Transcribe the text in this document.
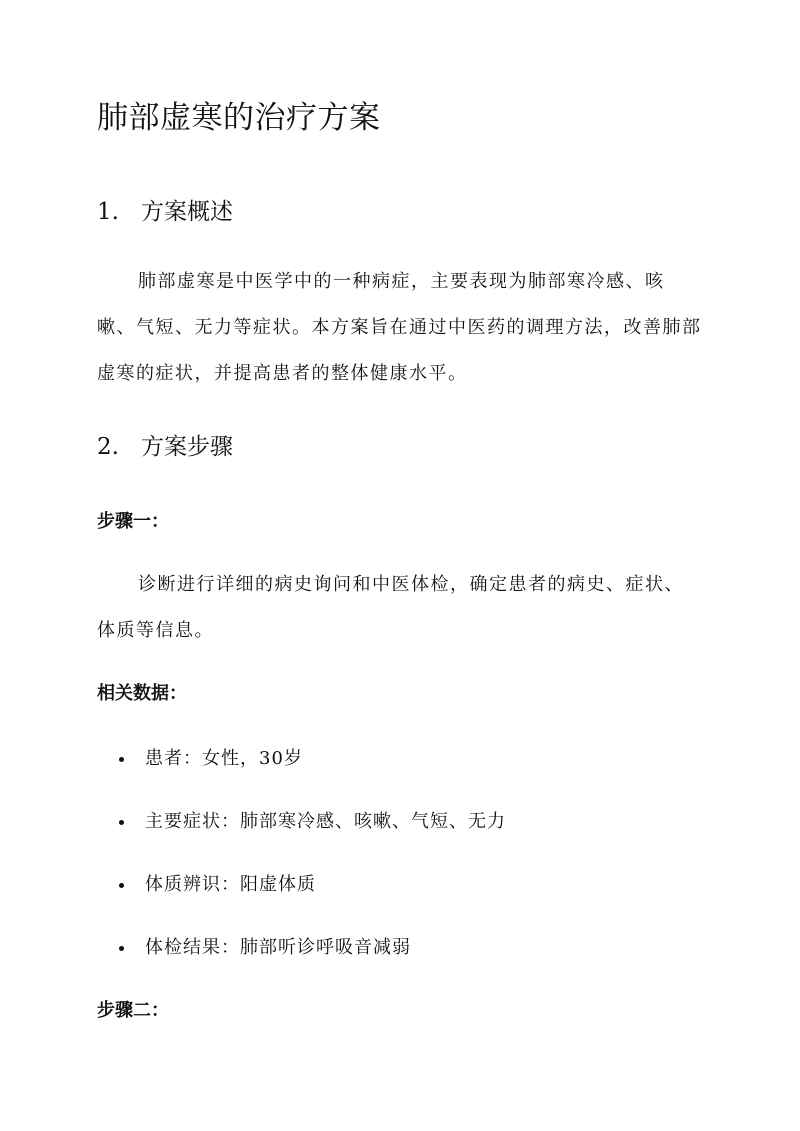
肺部虚寒的治疗方案
1. 方案概述

肺部虚寒是中医学中的一种病症，主要表现为肺部寒冷感、咳嗽、气短、无力等症状。本方案旨在通过中医药的调理方法，改善肺部虚寒的症状，并提高患者的整体健康水平。

2. 方案步骤
步骤一：

诊断进行详细的病史询问和中医体检，确定患者的病史、症状、体质等信息。

相关数据：
患者：女性，30岁
主要症状：肺部寒冷感、咳嗽、气短、无力
体质辨识：阳虚体质
体检结果：肺部听诊呼吸音减弱
步骤二：
